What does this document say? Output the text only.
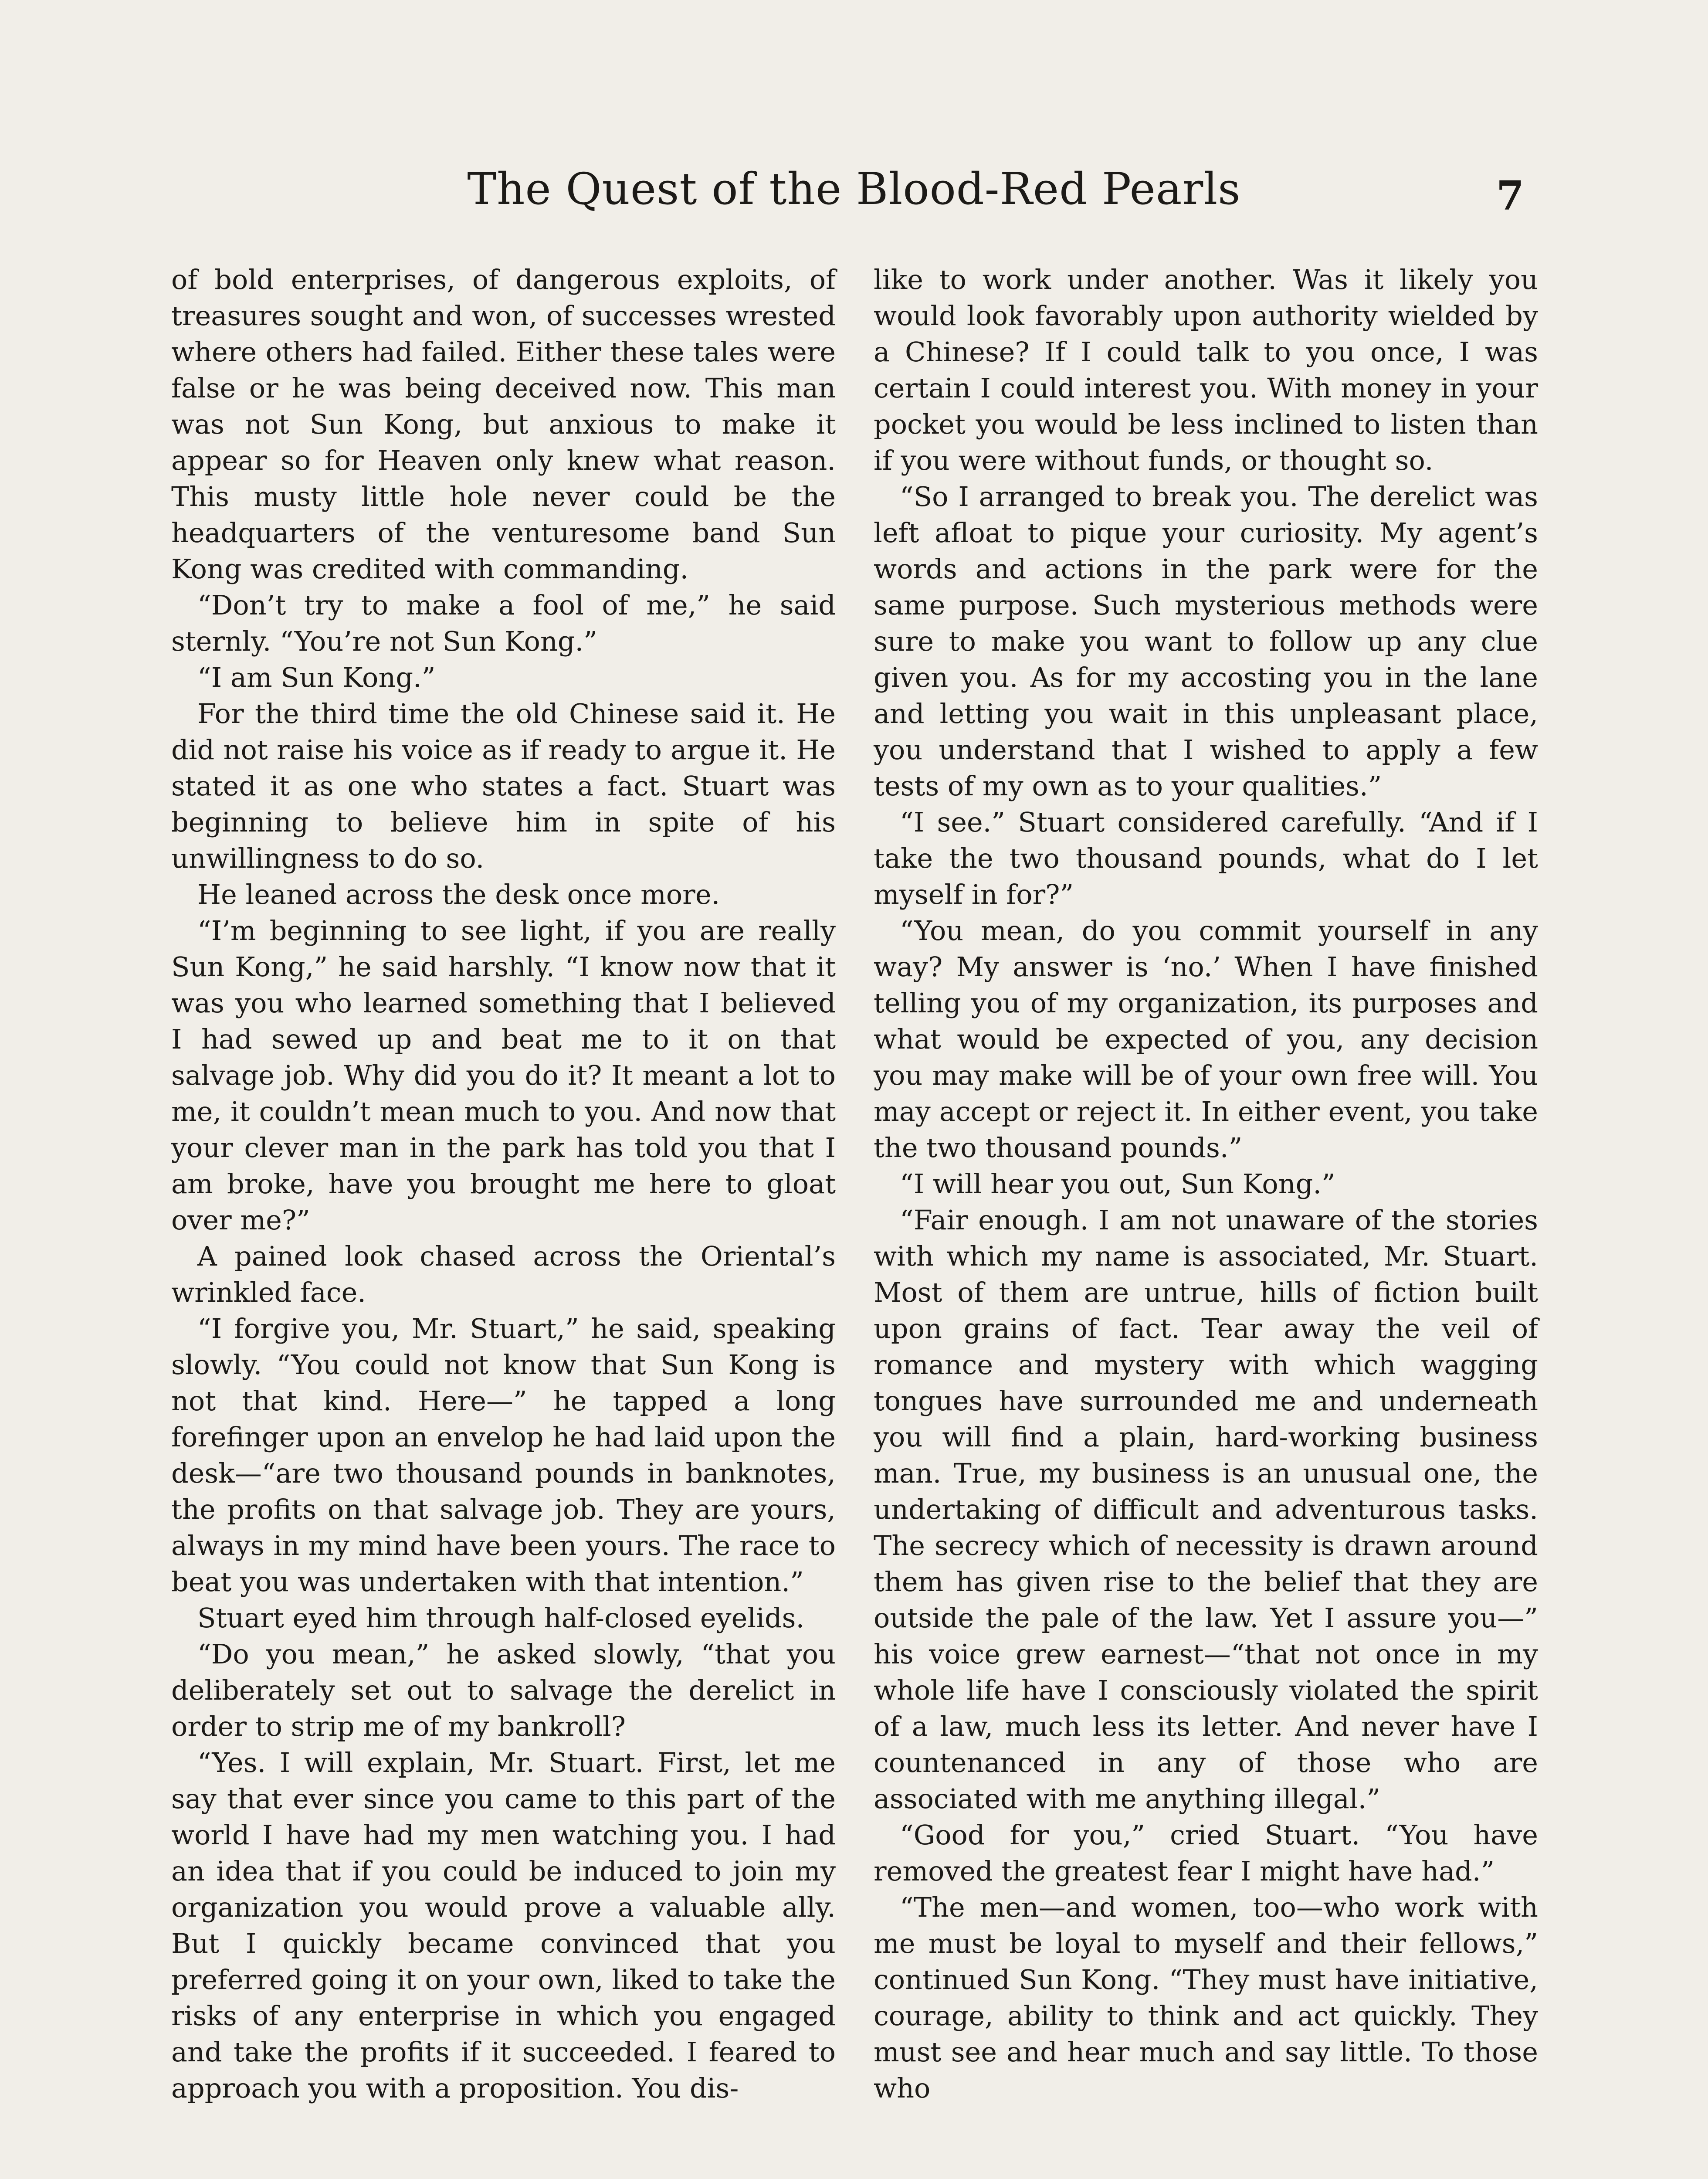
The Quest of the Blood-Red Pearls	7

of bold enterprises, of dangerous exploits, of treasures sought and won, of successes wrested where others had failed. Either these tales were false or he was being deceived now. This man was not Sun Kong, but anxious to make it appear so for Heaven only knew what reason. This musty little hole never could be the headquarters of the venturesome band Sun Kong was credited with commanding.

“Don’t try to make a fool of me,” he said sternly. “You’re not Sun Kong.”

“I am Sun Kong.”

For the third time the old Chinese said it. He did not raise his voice as if ready to argue it. He stated it as one who states a fact. Stuart was beginning to believe him in spite of his unwillingness to do so.

He leaned across the desk once more.

“I’m beginning to see light, if you are really Sun Kong,” he said harshly. “I know now that it was you who learned something that I believed I had sewed up and beat me to it on that salvage job. Why did you do it? It meant a lot to me, it couldn’t mean much to you. And now that your clever man in the park has told you that I am broke, have you brought me here to gloat over me?”

A pained look chased across the Oriental’s wrinkled face.

“I forgive you, Mr. Stuart,” he said, speaking slowly. “You could not know that Sun Kong is not that kind. Here—” he tapped a long forefinger upon an envelop he had laid upon the desk—“are two thousand pounds in banknotes, the profits on that salvage job. They are yours, always in my mind have been yours. The race to beat you was undertaken with that intention.”

Stuart eyed him through half-closed eyelids.

“Do you mean,” he asked slowly, “that you deliberately set out to salvage the derelict in order to strip me of my bankroll?

“Yes. I will explain, Mr. Stuart. First, let me say that ever since you came to this part of the world I have had my men watching you. I had an idea that if you could be induced to join my organization you would prove a valuable ally. But I quickly became convinced that you preferred going it on your own, liked to take the risks of any enterprise in which you engaged and take the profits if it succeeded. I feared to approach you with a proposition. You dis-

like to work under another. Was it likely you would look favorably upon authority wielded by a Chinese? If I could talk to you once, I was certain I could interest you. With money in your pocket you would be less inclined to listen than if you were without funds, or thought so.

“So I arranged to break you. The derelict was left afloat to pique your curiosity. My agent’s words and actions in the park were for the same purpose. Such mysterious methods were sure to make you want to follow up any clue given you. As for my accosting you in the lane and letting you wait in this unpleasant place, you understand that I wished to apply a few tests of my own as to your qualities.”

“I see.” Stuart considered carefully. “And if I take the two thousand pounds, what do I let myself in for?”

“You mean, do you commit yourself in any way? My answer is ‘no.’ When I have finished telling you of my organization, its purposes and what would be expected of you, any decision you may make will be of your own free will. You may accept or reject it. In either event, you take the two thousand pounds.”

“I will hear you out, Sun Kong.”

“Fair enough. I am not unaware of the stories with which my name is associated, Mr. Stuart. Most of them are untrue, hills of fiction built upon grains of fact. Tear away the veil of romance and mystery with which wagging tongues have surrounded me and underneath you will find a plain, hard-working business man. True, my business is an unusual one, the undertaking of difficult and adventurous tasks. The secrecy which of necessity is drawn around them has given rise to the belief that they are outside the pale of the law. Yet I assure you—” his voice grew earnest—“that not once in my whole life have I consciously violated the spirit of a law, much less its letter. And never have I countenanced in any of those who are associated with me anything illegal.”

“Good for you,” cried Stuart. “You have removed the greatest fear I might have had.”

“The men—and women, too—who work with me must be loyal to myself and their fellows,” continued Sun Kong. “They must have initiative, courage, ability to think and act quickly. They must see and hear much and say little. To those who
